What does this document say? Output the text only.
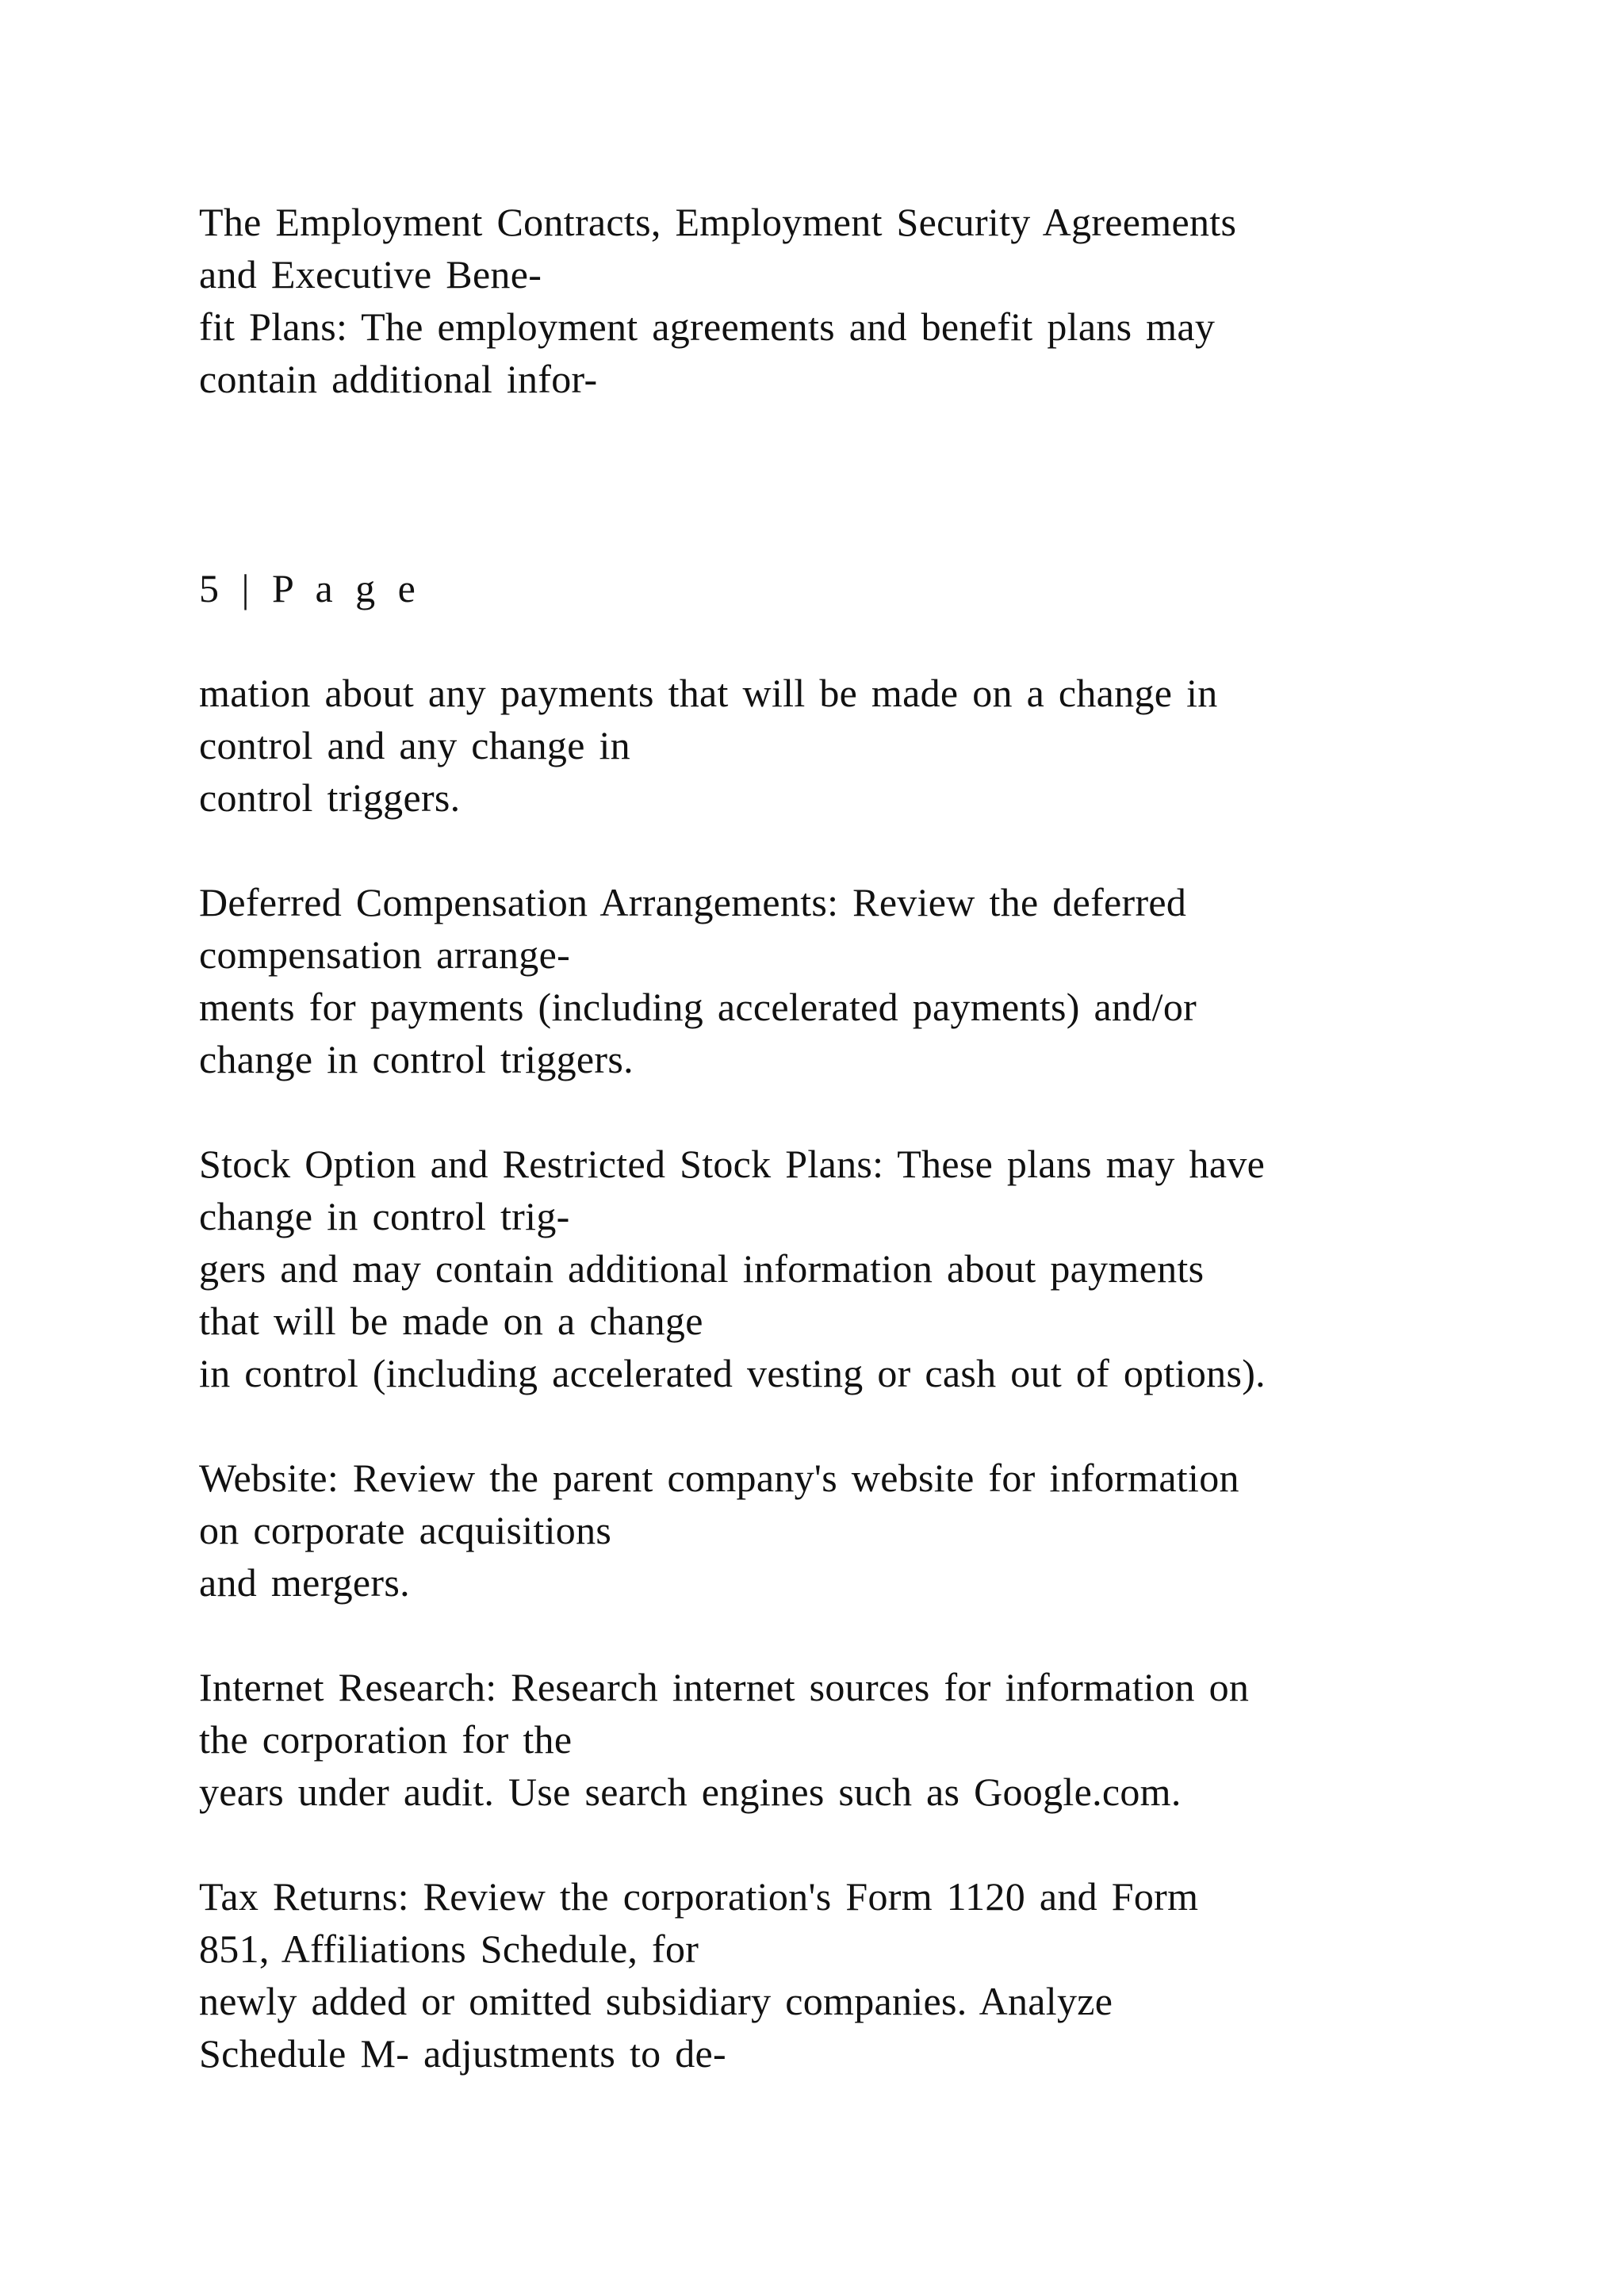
The Employment Contracts, Employment Security Agreements

and Executive Bene-

fit Plans: The employment agreements and benefit plans may

contain additional infor-

5 | P a g e

mation about any payments that will be made on a change in

control and any change in

control triggers.

Deferred Compensation Arrangements: Review the deferred

compensation arrange-

ments for payments (including accelerated payments) and/or

change in control triggers.

Stock Option and Restricted Stock Plans: These plans may have

change in control trig-

gers and may contain additional information about payments

that will be made on a change

in control (including accelerated vesting or cash out of options).

Website: Review the parent company's website for information

on corporate acquisitions

and mergers.

Internet Research: Research internet sources for information on

the corporation for the

years under audit. Use search engines such as Google.com.

Tax Returns: Review the corporation's Form 1120 and Form

851, Affiliations Schedule, for

newly added or omitted subsidiary companies. Analyze

Schedule M- adjustments to de-
